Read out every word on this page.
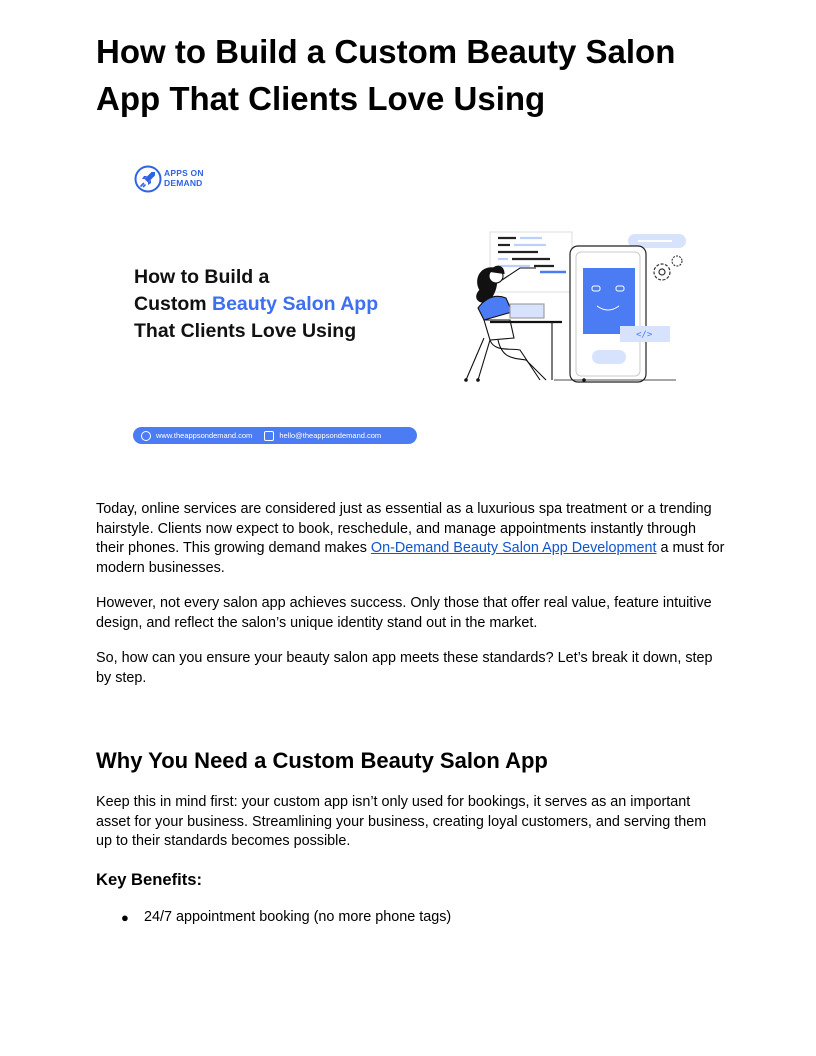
How to Build a Custom Beauty Salon App That Clients Love Using
APPS ON
DEMAND
How to Build a
Custom Beauty Salon App
That Clients Love Using	</>
www.theappsondemand.com	hello@theappsondemand.com

Today, online services are considered just as essential as a luxurious spa treatment or a trending hairstyle. Clients now expect to book, reschedule, and manage appointments instantly through their phones. This growing demand makes On-Demand Beauty Salon App Development a must for modern businesses.

However, not every salon app achieves success. Only those that offer real value, feature intuitive design, and reflect the salon’s unique identity stand out in the market.

So, how can you ensure your beauty salon app meets these standards? Let’s break it down, step by step.

Why You Need a Custom Beauty Salon App

Keep this in mind first: your custom app isn’t only used for bookings, it serves as an important asset for your business. Streamlining your business, creating loyal customers, and serving them up to their standards becomes possible.

Key Benefits:
● 24/7 appointment booking (no more phone tags)
